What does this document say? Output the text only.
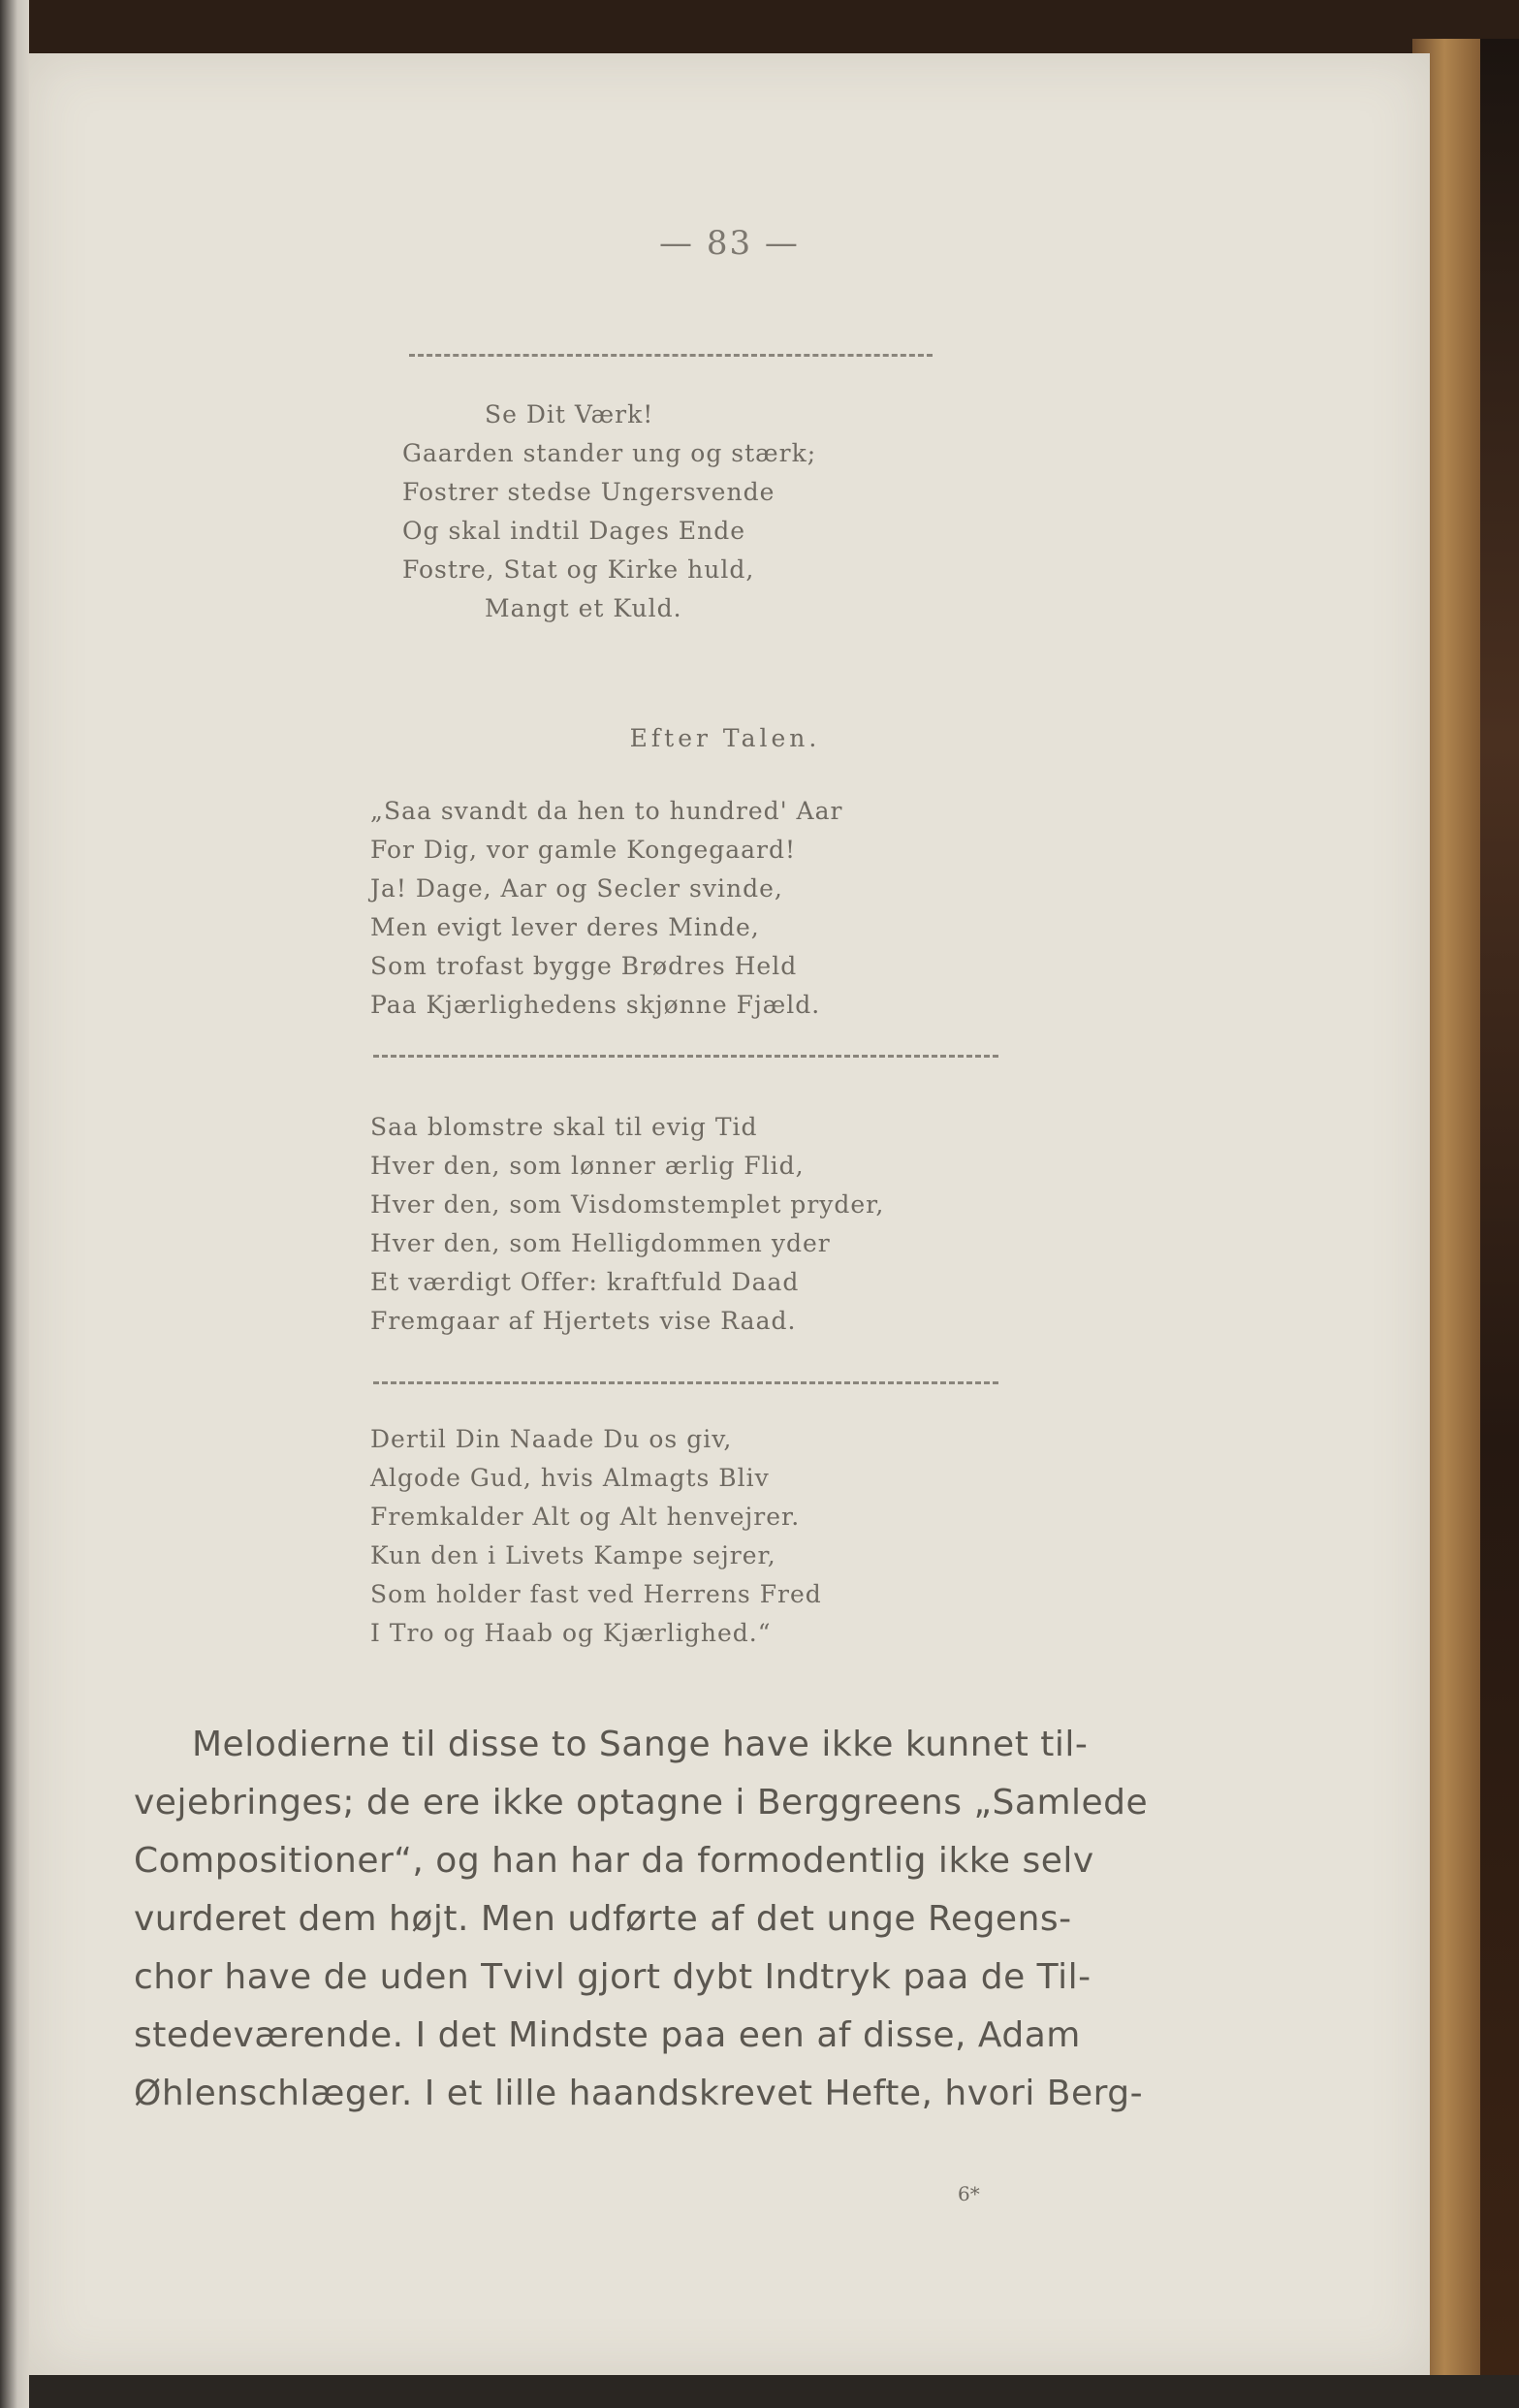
— 83 —
Se Dit Værk!
Gaarden stander ung og stærk;
Fostrer stedse Ungersvende
Og skal indtil Dages Ende
Fostre, Stat og Kirke huld,
Mangt et Kuld.
Efter Talen.
„Saa svandt da hen to hundred' Aar
For Dig, vor gamle Kongegaard!
Ja! Dage, Aar og Secler svinde,
Men evigt lever deres Minde,
Som trofast bygge Brødres Held
Paa Kjærlighedens skjønne Fjæld.
Saa blomstre skal til evig Tid
Hver den, som lønner ærlig Flid,
Hver den, som Visdomstemplet pryder,
Hver den, som Helligdommen yder
Et værdigt Offer: kraftfuld Daad
Fremgaar af Hjertets vise Raad.
Dertil Din Naade Du os giv,
Algode Gud, hvis Almagts Bliv
Fremkalder Alt og Alt henvejrer.
Kun den i Livets Kampe sejrer,
Som holder fast ved Herrens Fred
I Tro og Haab og Kjærlighed.“

Melodierne til disse to Sange have ikke kunnet til-
vejebringes; de ere ikke optagne i Berggreens „Samlede
Compositioner“, og han har da formodentlig ikke selv
vurderet dem højt. Men udførte af det unge Regens-
chor have de uden Tvivl gjort dybt Indtryk paa de Til-
stedeværende. I det Mindste paa een af disse, Adam
Øhlenschlæger. I et lille haandskrevet Hefte, hvori Berg-

6*
